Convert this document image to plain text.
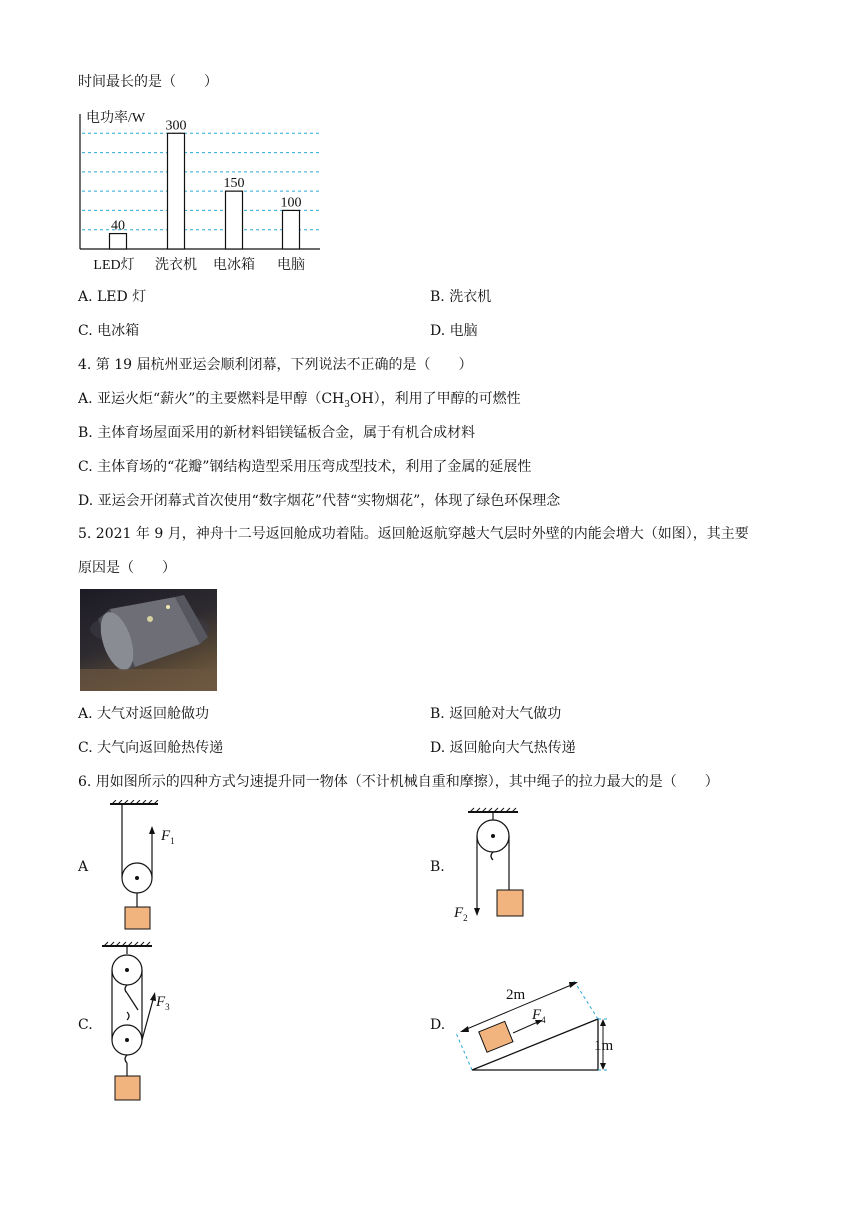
时间最长的是（　　）
电功率/W
40
300
150
100
LED灯 洗衣机 电冰箱 电脑
A. LED 灯	B. 洗衣机
C. 电冰箱	D. 电脑
4. 第 19 届杭州亚运会顺利闭幕，下列说法不正确的是（　　）
A. 亚运火炬“薪火”的主要燃料是甲醇$(CH_3OH)$，利用了甲醇的可燃性
B. 主体育场屋面采用的新材料铝镁锰板合金，属于有机合成材料
C. 主体育场的“花瓣”钢结构造型采用压弯成型技术，利用了金属的延展性
D. 亚运会开闭幕式首次使用“数字烟花”代替“实物烟花”，体现了绿色环保理念
5. 2021 年 9 月，神舟十二号返回舱成功着陆。返回舱返航穿越大气层时外壁的内能会增大（如图），其主要
原因是（　　）
A. 大气对返回舱做功	B. 返回舱对大气做功
C. 大气向返回舱热传递	D. 返回舱向大气热传递
6. 用如图所示的四种方式匀速提升同一物体（不计机械自重和摩擦），其中绳子的拉力最大的是（　　）
A
$F_1$
B.
$F_2$
C.
$F_3$
D.
2m
$F_4$
1m
